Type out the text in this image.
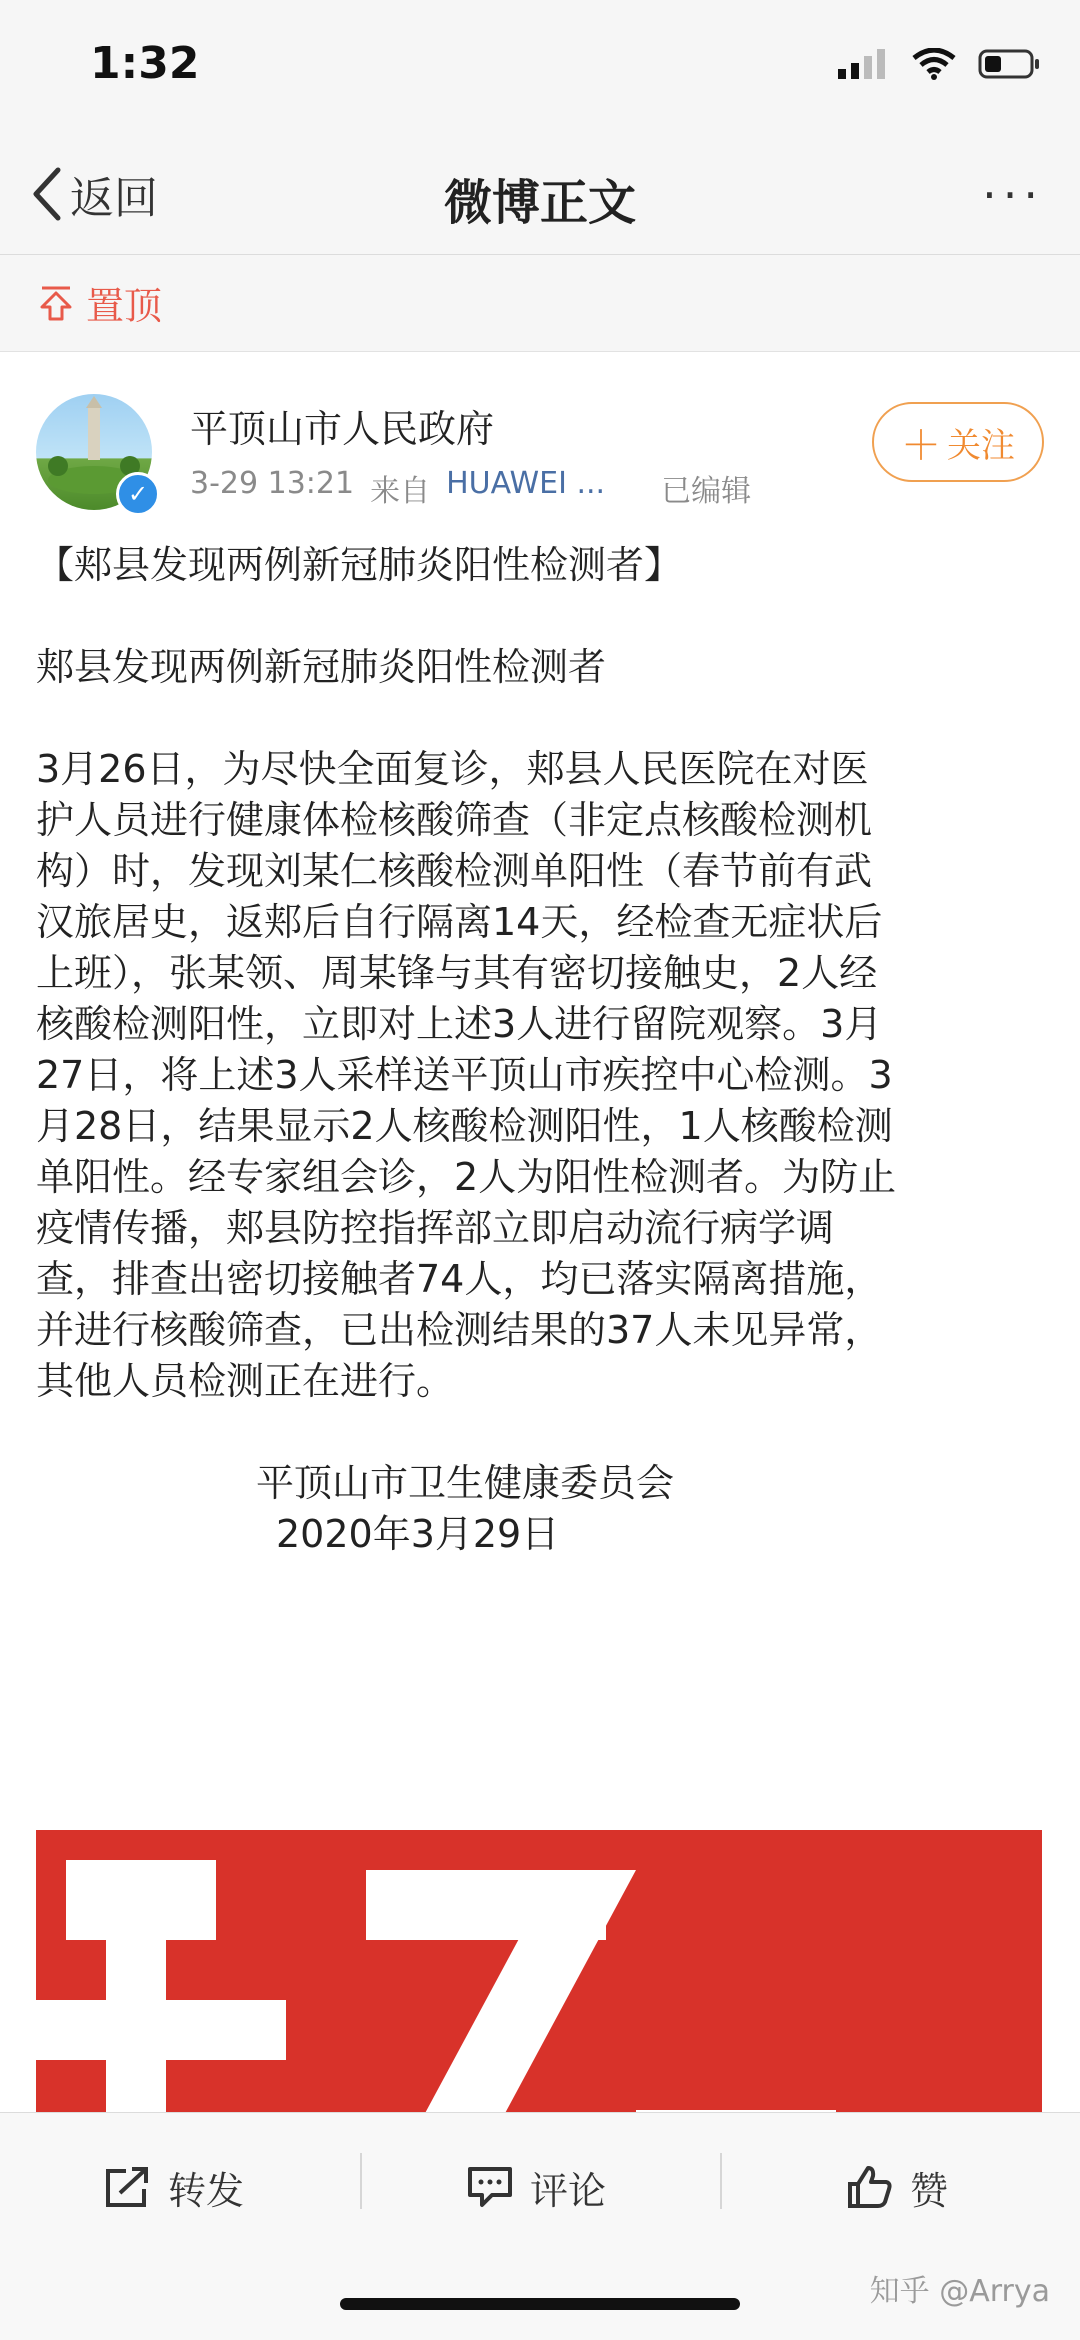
1:32
返回	微博正文	···
置顶
✓
平顶山市人民政府
3-29 13:21 来自 HUAWEI ... 已编辑
＋ 关注

【郏县发现两例新冠肺炎阳性检测者】

郏县发现两例新冠肺炎阳性检测者

3月26日，为尽快全面复诊，郏县人民医院在对医

护人员进行健康体检核酸筛查（非定点核酸检测机

构）时，发现刘某仁核酸检测单阳性（春节前有武

汉旅居史，返郏后自行隔离14天，经检查无症状后

上班），张某领、周某锋与其有密切接触史，2人经

核酸检测阳性，立即对上述3人进行留院观察。3月

27日，将上述3人采样送平顶山市疾控中心检测。3

月28日，结果显示2人核酸检测阳性，1人核酸检测

单阳性。经专家组会诊，2人为阳性检测者。为防止

疫情传播，郏县防控指挥部立即启动流行病学调

查，排查出密切接触者74人，均已落实隔离措施，

并进行核酸筛查，已出检测结果的37人未见异常，

其他人员检测正在进行。

平顶山市卫生健康委员会

2020年3月29日

转发	评论	赞
知乎 @Arrya
